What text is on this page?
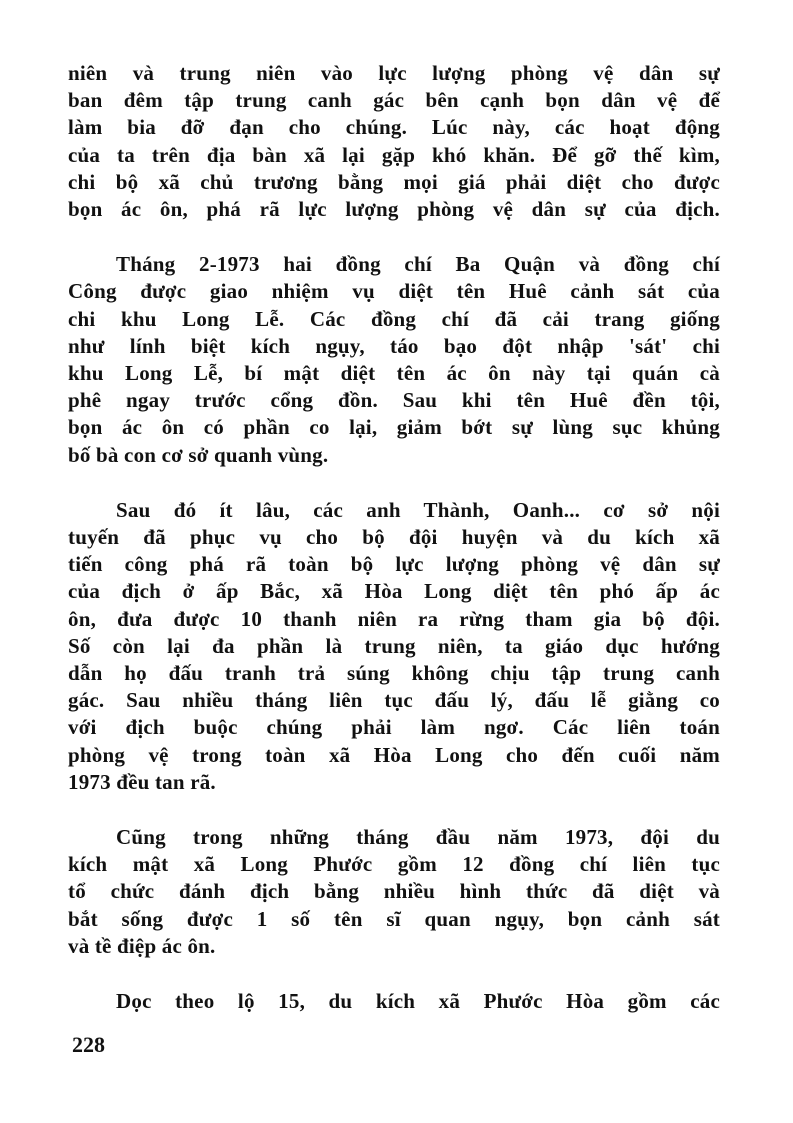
niên và trung niên vào lực lượng phòng vệ dân sự
ban đêm tập trung canh gác bên cạnh bọn dân vệ để
làm bia đỡ đạn cho chúng. Lúc này, các hoạt động
của ta trên địa bàn xã lại gặp khó khăn. Để gỡ thế kìm,
chi bộ xã chủ trương bằng mọi giá phải diệt cho được
bọn ác ôn, phá rã lực lượng phòng vệ dân sự của địch.

Tháng 2-1973 hai đồng chí Ba Quận và đồng chí
Công được giao nhiệm vụ diệt tên Huê cảnh sát của
chi khu Long Lễ. Các đồng chí đã cải trang giống
như lính biệt kích ngụy, táo bạo đột nhập 'sát' chi
khu Long Lễ, bí mật diệt tên ác ôn này tại quán cà
phê ngay trước cổng đồn. Sau khi tên Huê đền tội,
bọn ác ôn có phần co lại, giảm bớt sự lùng sục khủng
bố bà con cơ sở quanh vùng.

Sau đó ít lâu, các anh Thành, Oanh... cơ sở nội
tuyến đã phục vụ cho bộ đội huyện và du kích xã
tiến công phá rã toàn bộ lực lượng phòng vệ dân sự
của địch ở ấp Bắc, xã Hòa Long diệt tên phó ấp ác
ôn, đưa được 10 thanh niên ra rừng tham gia bộ đội.
Số còn lại đa phần là trung niên, ta giáo dục hướng
dẫn họ đấu tranh trả súng không chịu tập trung canh
gác. Sau nhiều tháng liên tục đấu lý, đấu lễ giằng co
với địch buộc chúng phải làm ngơ. Các liên toán
phòng vệ trong toàn xã Hòa Long cho đến cuối năm
1973 đều tan rã.

Cũng trong những tháng đầu năm 1973, đội du
kích mật xã Long Phước gồm 12 đồng chí liên tục
tổ chức đánh địch bằng nhiều hình thức đã diệt và
bắt sống được 1 số tên sĩ quan ngụy, bọn cảnh sát
và tề điệp ác ôn.

Dọc theo lộ 15, du kích xã Phước Hòa gồm các

228
